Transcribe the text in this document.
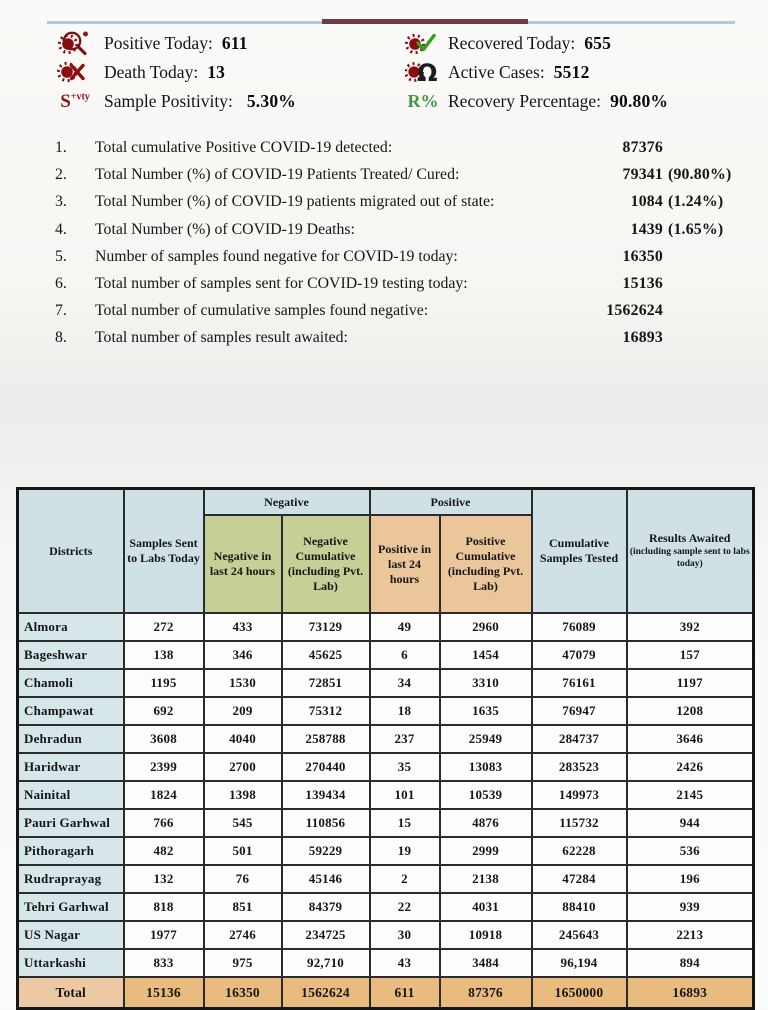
Positive Today: 611	Recovered Today: 655
Death Today: 13	Ω Active Cases: 5512
$S^{+vty}$ Sample Positivity: 5.30%	R% Recovery Percentage: 90.80%
1.	Total cumulative Positive COVID-19 detected:	87376
2.	Total Number (%) of COVID-19 Patients Treated/ Cured:	79341 (90.80%)
3.	Total Number (%) of COVID-19 patients migrated out of state:	1084 (1.24%)
4.	Total Number (%) of COVID-19 Deaths:	1439 (1.65%)
5.	Number of samples found negative for COVID-19 today:	16350
6.	Total number of samples sent for COVID-19 testing today:	15136
7.	Total number of cumulative samples found negative:	1562624
8.	Total number of samples result awaited:	16893
Districts	Samples Sent to Labs Today	Negative		Positive		Cumulative Samples Tested	Results Awaited
(including sample sent to labs today)

		Negative in last 24 hours	Negative Cumulative (including Pvt. Lab)	Positive in last 24 hours	Positive Cumulative (including Pvt. Lab)		
Almora	272	433	73129	49	2960	76089	392
Bageshwar	138	346	45625	6	1454	47079	157
Chamoli	1195	1530	72851	34	3310	76161	1197
Champawat	692	209	75312	18	1635	76947	1208
Dehradun	3608	4040	258788	237	25949	284737	3646
Haridwar	2399	2700	270440	35	13083	283523	2426
Nainital	1824	1398	139434	101	10539	149973	2145
Pauri Garhwal	766	545	110856	15	4876	115732	944
Pithoragarh	482	501	59229	19	2999	62228	536
Rudraprayag	132	76	45146	2	2138	47284	196
Tehri Garhwal	818	851	84379	22	4031	88410	939
US Nagar	1977	2746	234725	30	10918	245643	2213
Uttarkashi	833	975	92,710	43	3484	96,194	894
Total	15136	16350	1562624	611	87376	1650000	16893
